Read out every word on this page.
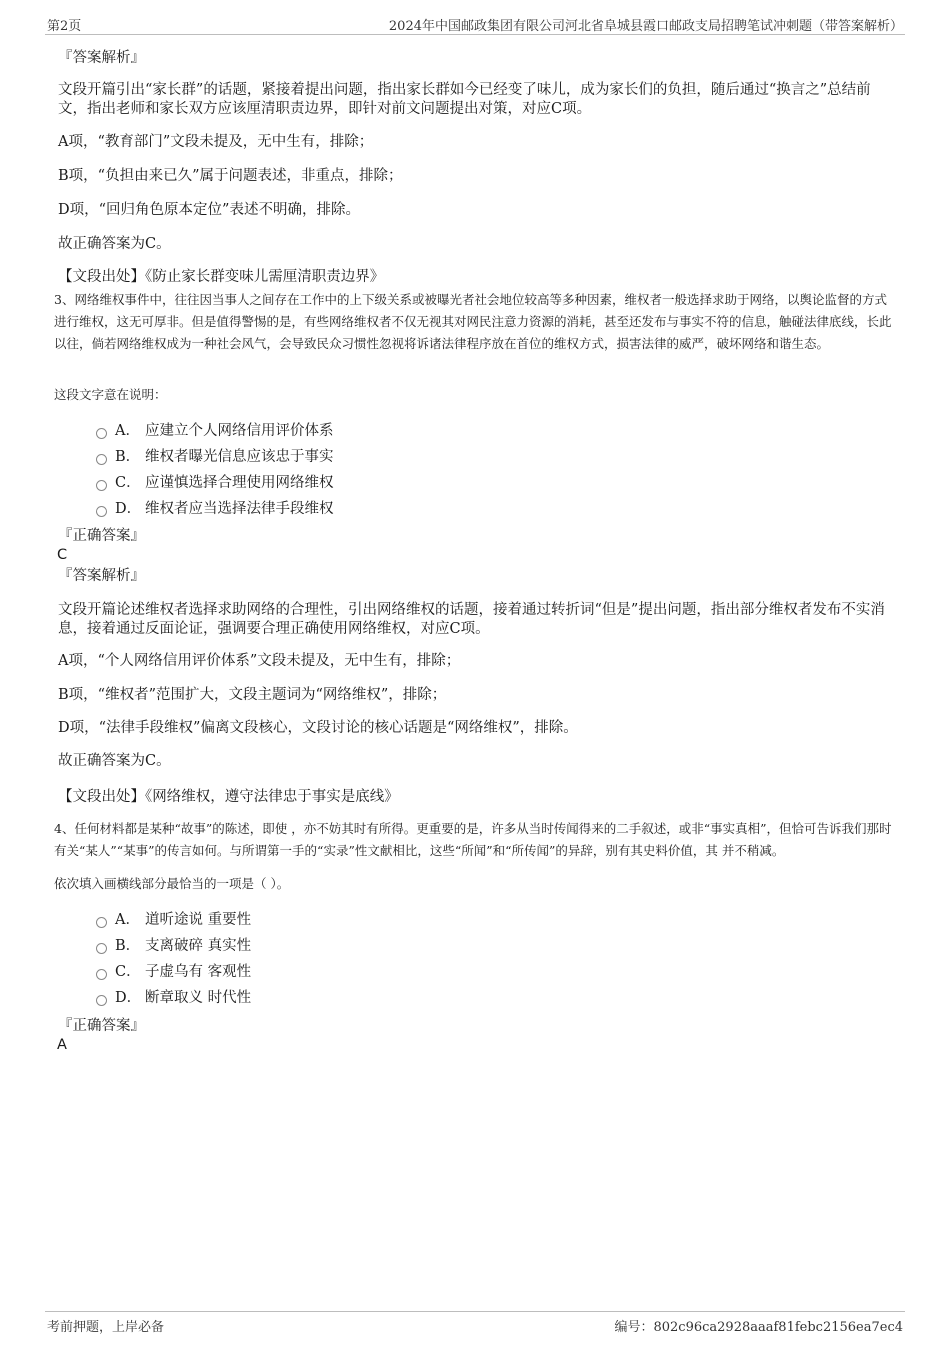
第2页	2024年中国邮政集团有限公司河北省阜城县霞口邮政支局招聘笔试冲刺题（带答案解析）
『答案解析』
文段开篇引出“家长群”的话题，紧接着提出问题，指出家长群如今已经变了味儿，成为家长们的负担，随后通过“换言之”总结前文，指出老师和家长双方应该厘清职责边界，即针对前文问题提出对策，对应C项。
A项，“教育部门”文段未提及，无中生有，排除；
B项，“负担由来已久”属于问题表述，非重点，排除；
D项，“回归角色原本定位”表述不明确，排除。
故正确答案为C。
【文段出处】《防止家长群变味儿需厘清职责边界》
3、网络维权事件中，往往因当事人之间存在工作中的上下级关系或被曝光者社会地位较高等多种因素，维权者一般选择求助于网络，以舆论监督的方式进行维权，这无可厚非。但是值得警惕的是，有些网络维权者不仅无视其对网民注意力资源的消耗，甚至还发布与事实不符的信息，触碰法律底线，长此以往，倘若网络维权成为一种社会风气，会导致民众习惯性忽视将诉诸法律程序放在首位的维权方式，损害法律的威严，破坏网络和谐生态。
这段文字意在说明：
A． 应建立个人网络信用评价体系
B． 维权者曝光信息应该忠于事实
C． 应谨慎选择合理使用网络维权
D． 维权者应当选择法律手段维权
『正确答案』
C
『答案解析』
文段开篇论述维权者选择求助网络的合理性，引出网络维权的话题，接着通过转折词“但是”提出问题，指出部分维权者发布不实消息，接着通过反面论证，强调要合理正确使用网络维权，对应C项。
A项，“个人网络信用评价体系”文段未提及，无中生有，排除；
B项，“维权者”范围扩大，文段主题词为“网络维权”，排除；
D项，“法律手段维权”偏离文段核心，文段讨论的核心话题是“网络维权”，排除。
故正确答案为C。
【文段出处】《网络维权，遵守法律忠于事实是底线》
4、任何材料都是某种“故事”的陈述，即使 ，亦不妨其时有所得。更重要的是，许多从当时传闻得来的二手叙述，或非“事实真相”，但恰可告诉我们那时有关“某人”“某事”的传言如何。与所谓第一手的“实录”性文献相比，这些“所闻”和“所传闻”的异辞，别有其史料价值，其 并不稍减。
依次填入画横线部分最恰当的一项是（ ）。
A． 道听途说 重要性
B． 支离破碎 真实性
C． 子虚乌有 客观性
D． 断章取义 时代性
『正确答案』
A
考前押题，上岸必备	编号：802c96ca2928aaaf81febc2156ea7ec4
